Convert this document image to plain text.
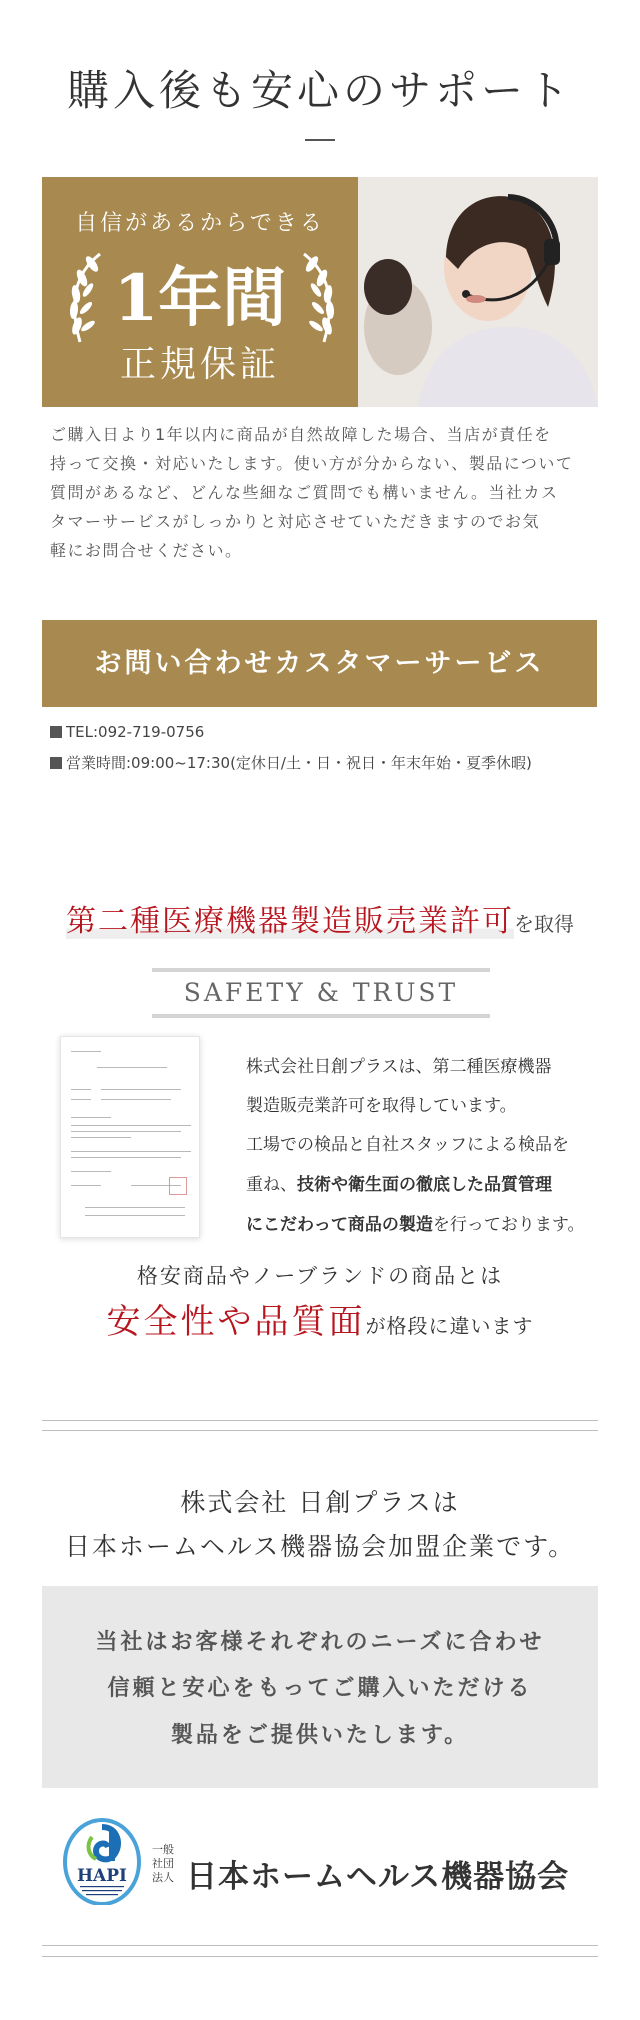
購入後も安心のサポート
自信があるからできる
1年間
正規保証
ご購入日より1年以内に商品が自然故障した場合、当店が責任を
持って交換・対応いたします。使い方が分からない、製品について
質問があるなど、どんな些細なご質問でも構いません。当社カス
タマーサービスがしっかりと対応させていただきますのでお気
軽にお問合せください。
お問い合わせカスタマーサービス
TEL:092-719-0756
営業時間:09:00~17:30(定休日/土・日・祝日・年末年始・夏季休暇)
第二種医療機器製造販売業許可を取得
SAFETY & TRUST
株式会社日創プラスは、第二種医療機器
製造販売業許可を取得しています。
工場での検品と自社スタッフによる検品を
重ね、技術や衛生面の徹底した品質管理
にこだわって商品の製造を行っております。
格安商品やノーブランドの商品とは
安全性や品質面が格段に違います
株式会社 日創プラスは
日本ホームヘルス機器協会加盟企業です。
当社はお客様それぞれのニーズに合わせ
信頼と安心をもってご購入いただける
製品をご提供いたします。
HAPI
一般
社団
法人 日本ホームヘルス機器協会
